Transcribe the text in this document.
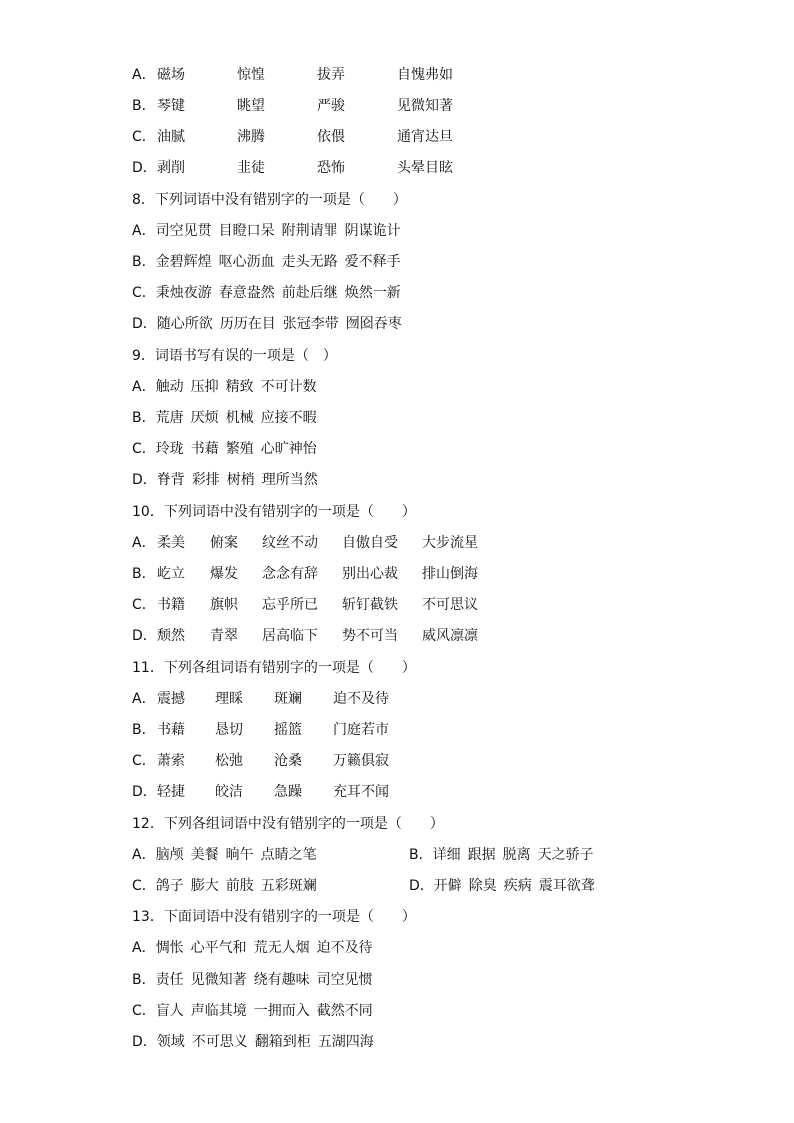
A． 磁场	惊惶	拔弄	自愧弗如
B． 琴键	眺望	严骏	见微知著
C． 油腻	沸腾	依偎	通宵达旦
D． 剥削	韭徒	恐怖	头晕目眩
8．下列词语中没有错别字的一项是（　　）
A．司空见贯 目瞪口呆 附荆请罪 阴谋诡计
B．金碧辉煌 呕心沥血 走头无路 爱不释手
C．秉烛夜游 春意盎然 前赴后继 焕然一新
D．随心所欲 历历在目 张冠李带 囫囵吞枣
9．词语书写有误的一项是（　）
A．触动 压抑 精致 不可计数
B．荒唐 厌烦 机械 应接不暇
C．玲珑 书藉 繁殖 心旷神怡
D．脊背 彩排 树梢 理所当然
10．下列词语中没有错别字的一项是（　　）
A． 柔美 俯案 纹丝不动 自傲自受 大步流星
B． 屹立 爆发 念念有辞 别出心裁 排山倒海
C． 书籍 旗帜 忘乎所已 斩钉截铁 不可思议
D． 颓然 青翠 居高临下 势不可当 威风凛凛
11．下列各组词语有错别字的一项是（　　）
A． 震撼 理睬 斑斓 迫不及待
B． 书藉 恳切 摇篮 门庭若市
C． 萧索 松弛 沧桑 万籁俱寂
D． 轻捷 皎洁 急躁 充耳不闻
12．下列各组词语中没有错别字的一项是（　　）
A．脑颅 美餐 晌午 点睛之笔	B．详细 跟据 脱离 天之骄子
C．鸽子 膨大 前肢 五彩斑斓	D．开僻 除臭 疾病 震耳欲聋
13．下面词语中没有错别字的一项是（　　）
A．惆怅 心平气和 荒无人烟 迫不及待
B．责任 见微知著 绕有趣味 司空见惯
C．盲人 声临其境 一拥而入 截然不同
D．领域 不可思义 翻箱到柜 五湖四海
